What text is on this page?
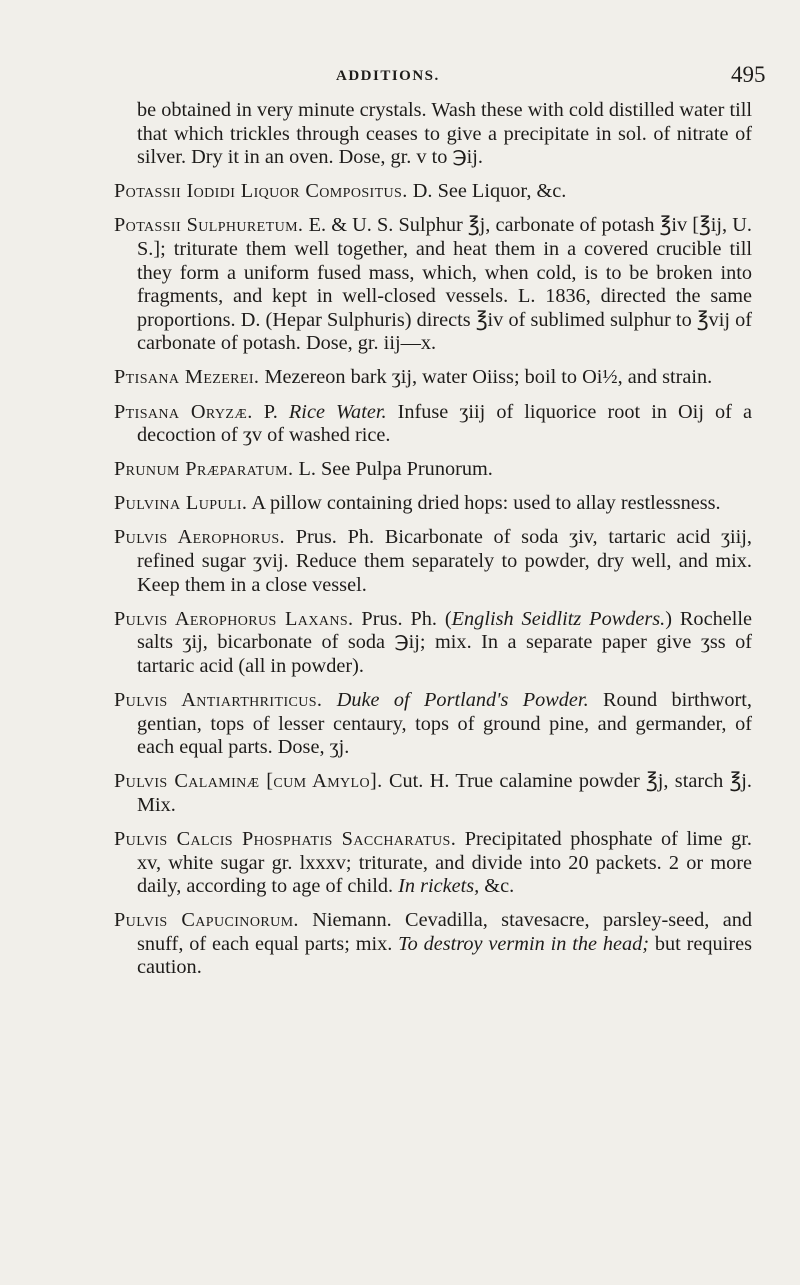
ADDITIONS.	495

be obtained in very minute crystals. Wash these with cold distilled water till that which trickles through ceases to give a precipitate in sol. of nitrate of silver. Dry it in an oven. Dose, gr. v to ℈ij.

Potassii Iodidi Liquor Compositus. D. See Liquor, &c.

Potassii Sulphuretum. E. & U. S. Sulphur ℥j, carbonate of potash ℥iv [℥ij, U. S.]; triturate them well together, and heat them in a covered crucible till they form a uniform fused mass, which, when cold, is to be broken into fragments, and kept in well-closed vessels. L. 1836, directed the same proportions. D. (Hepar Sulphuris) directs ℥iv of sublimed sulphur to ℥vij of carbonate of potash. Dose, gr. iij—x.

Ptisana Mezerei. Mezereon bark ʒij, water Oiiss; boil to Oi½, and strain.

Ptisana Oryzæ. P. Rice Water. Infuse ʒiij of liquorice root in Oij of a decoction of ʒv of washed rice.

Prunum Præparatum. L. See Pulpa Prunorum.

Pulvina Lupuli. A pillow containing dried hops: used to allay restlessness.

Pulvis Aerophorus. Prus. Ph. Bicarbonate of soda ʒiv, tartaric acid ʒiij, refined sugar ʒvij. Reduce them separately to powder, dry well, and mix. Keep them in a close vessel.

Pulvis Aerophorus Laxans. Prus. Ph. (English Seidlitz Powders.) Rochelle salts ʒij, bicarbonate of soda ℈ij; mix. In a separate paper give ʒss of tartaric acid (all in powder).

Pulvis Antiarthriticus. Duke of Portland's Powder. Round birthwort, gentian, tops of lesser centaury, tops of ground pine, and germander, of each equal parts. Dose, ʒj.

Pulvis Calaminæ [cum Amylo]. Cut. H. True calamine powder ℥j, starch ℥j. Mix.

Pulvis Calcis Phosphatis Saccharatus. Precipitated phosphate of lime gr. xv, white sugar gr. lxxxv; triturate, and divide into 20 packets. 2 or more daily, according to age of child. In rickets, &c.

Pulvis Capucinorum. Niemann. Cevadilla, stavesacre, parsley-seed, and snuff, of each equal parts; mix. To destroy vermin in the head; but requires caution.
